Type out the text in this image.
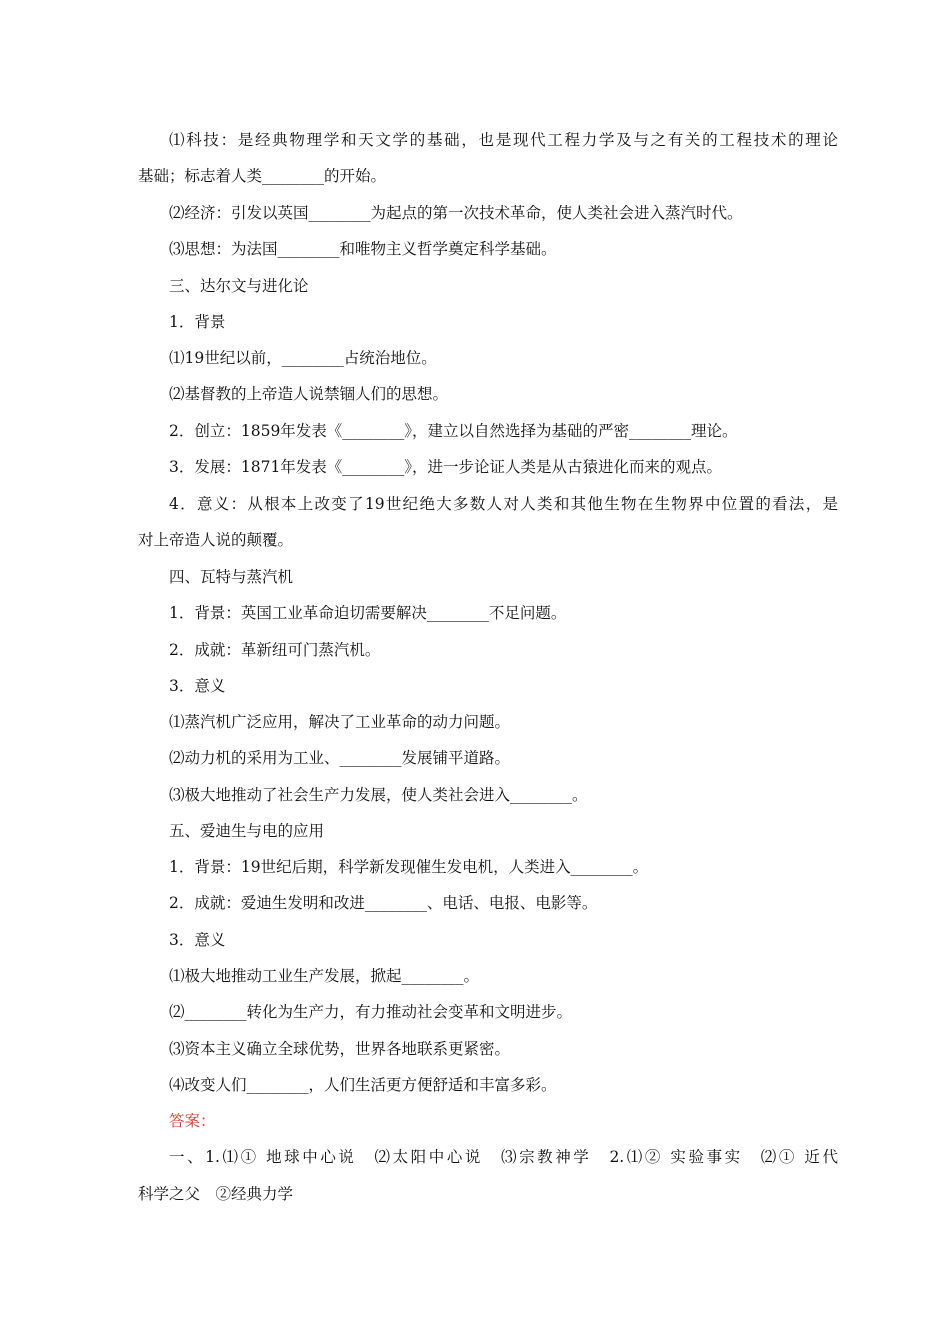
⑴科技：是经典物理学和天文学的基础，也是现代工程力学及与之有关的工程技术的理论
基础；标志着人类________的开始。
⑵经济：引发以英国________为起点的第一次技术革命，使人类社会进入蒸汽时代。
⑶思想：为法国________和唯物主义哲学奠定科学基础。
三、达尔文与进化论
1．背景
⑴19世纪以前，________占统治地位。
⑵基督教的上帝造人说禁锢人们的思想。
2．创立：1859年发表《________》，建立以自然选择为基础的严密________理论。
3．发展：1871年发表《________》，进一步论证人类是从古猿进化而来的观点。
4．意义：从根本上改变了19世纪绝大多数人对人类和其他生物在生物界中位置的看法，是
对上帝造人说的颠覆。
四、瓦特与蒸汽机
1．背景：英国工业革命迫切需要解决________不足问题。
2．成就：革新纽可门蒸汽机。
3．意义
⑴蒸汽机广泛应用，解决了工业革命的动力问题。
⑵动力机的采用为工业、________发展铺平道路。
⑶极大地推动了社会生产力发展，使人类社会进入________。
五、爱迪生与电的应用
1．背景：19世纪后期，科学新发现催生发电机，人类进入________。
2．成就：爱迪生发明和改进________、电话、电报、电影等。
3．意义
⑴极大地推动工业生产发展，掀起________。
⑵________转化为生产力，有力推动社会变革和文明进步。
⑶资本主义确立全球优势，世界各地联系更紧密。
⑷改变人们________，人们生活更方便舒适和丰富多彩。
答案：
一、1.⑴① 地球中心说　⑵太阳中心说　⑶宗教神学　2.⑴② 实验事实　⑵① 近代
科学之父　②经典力学
